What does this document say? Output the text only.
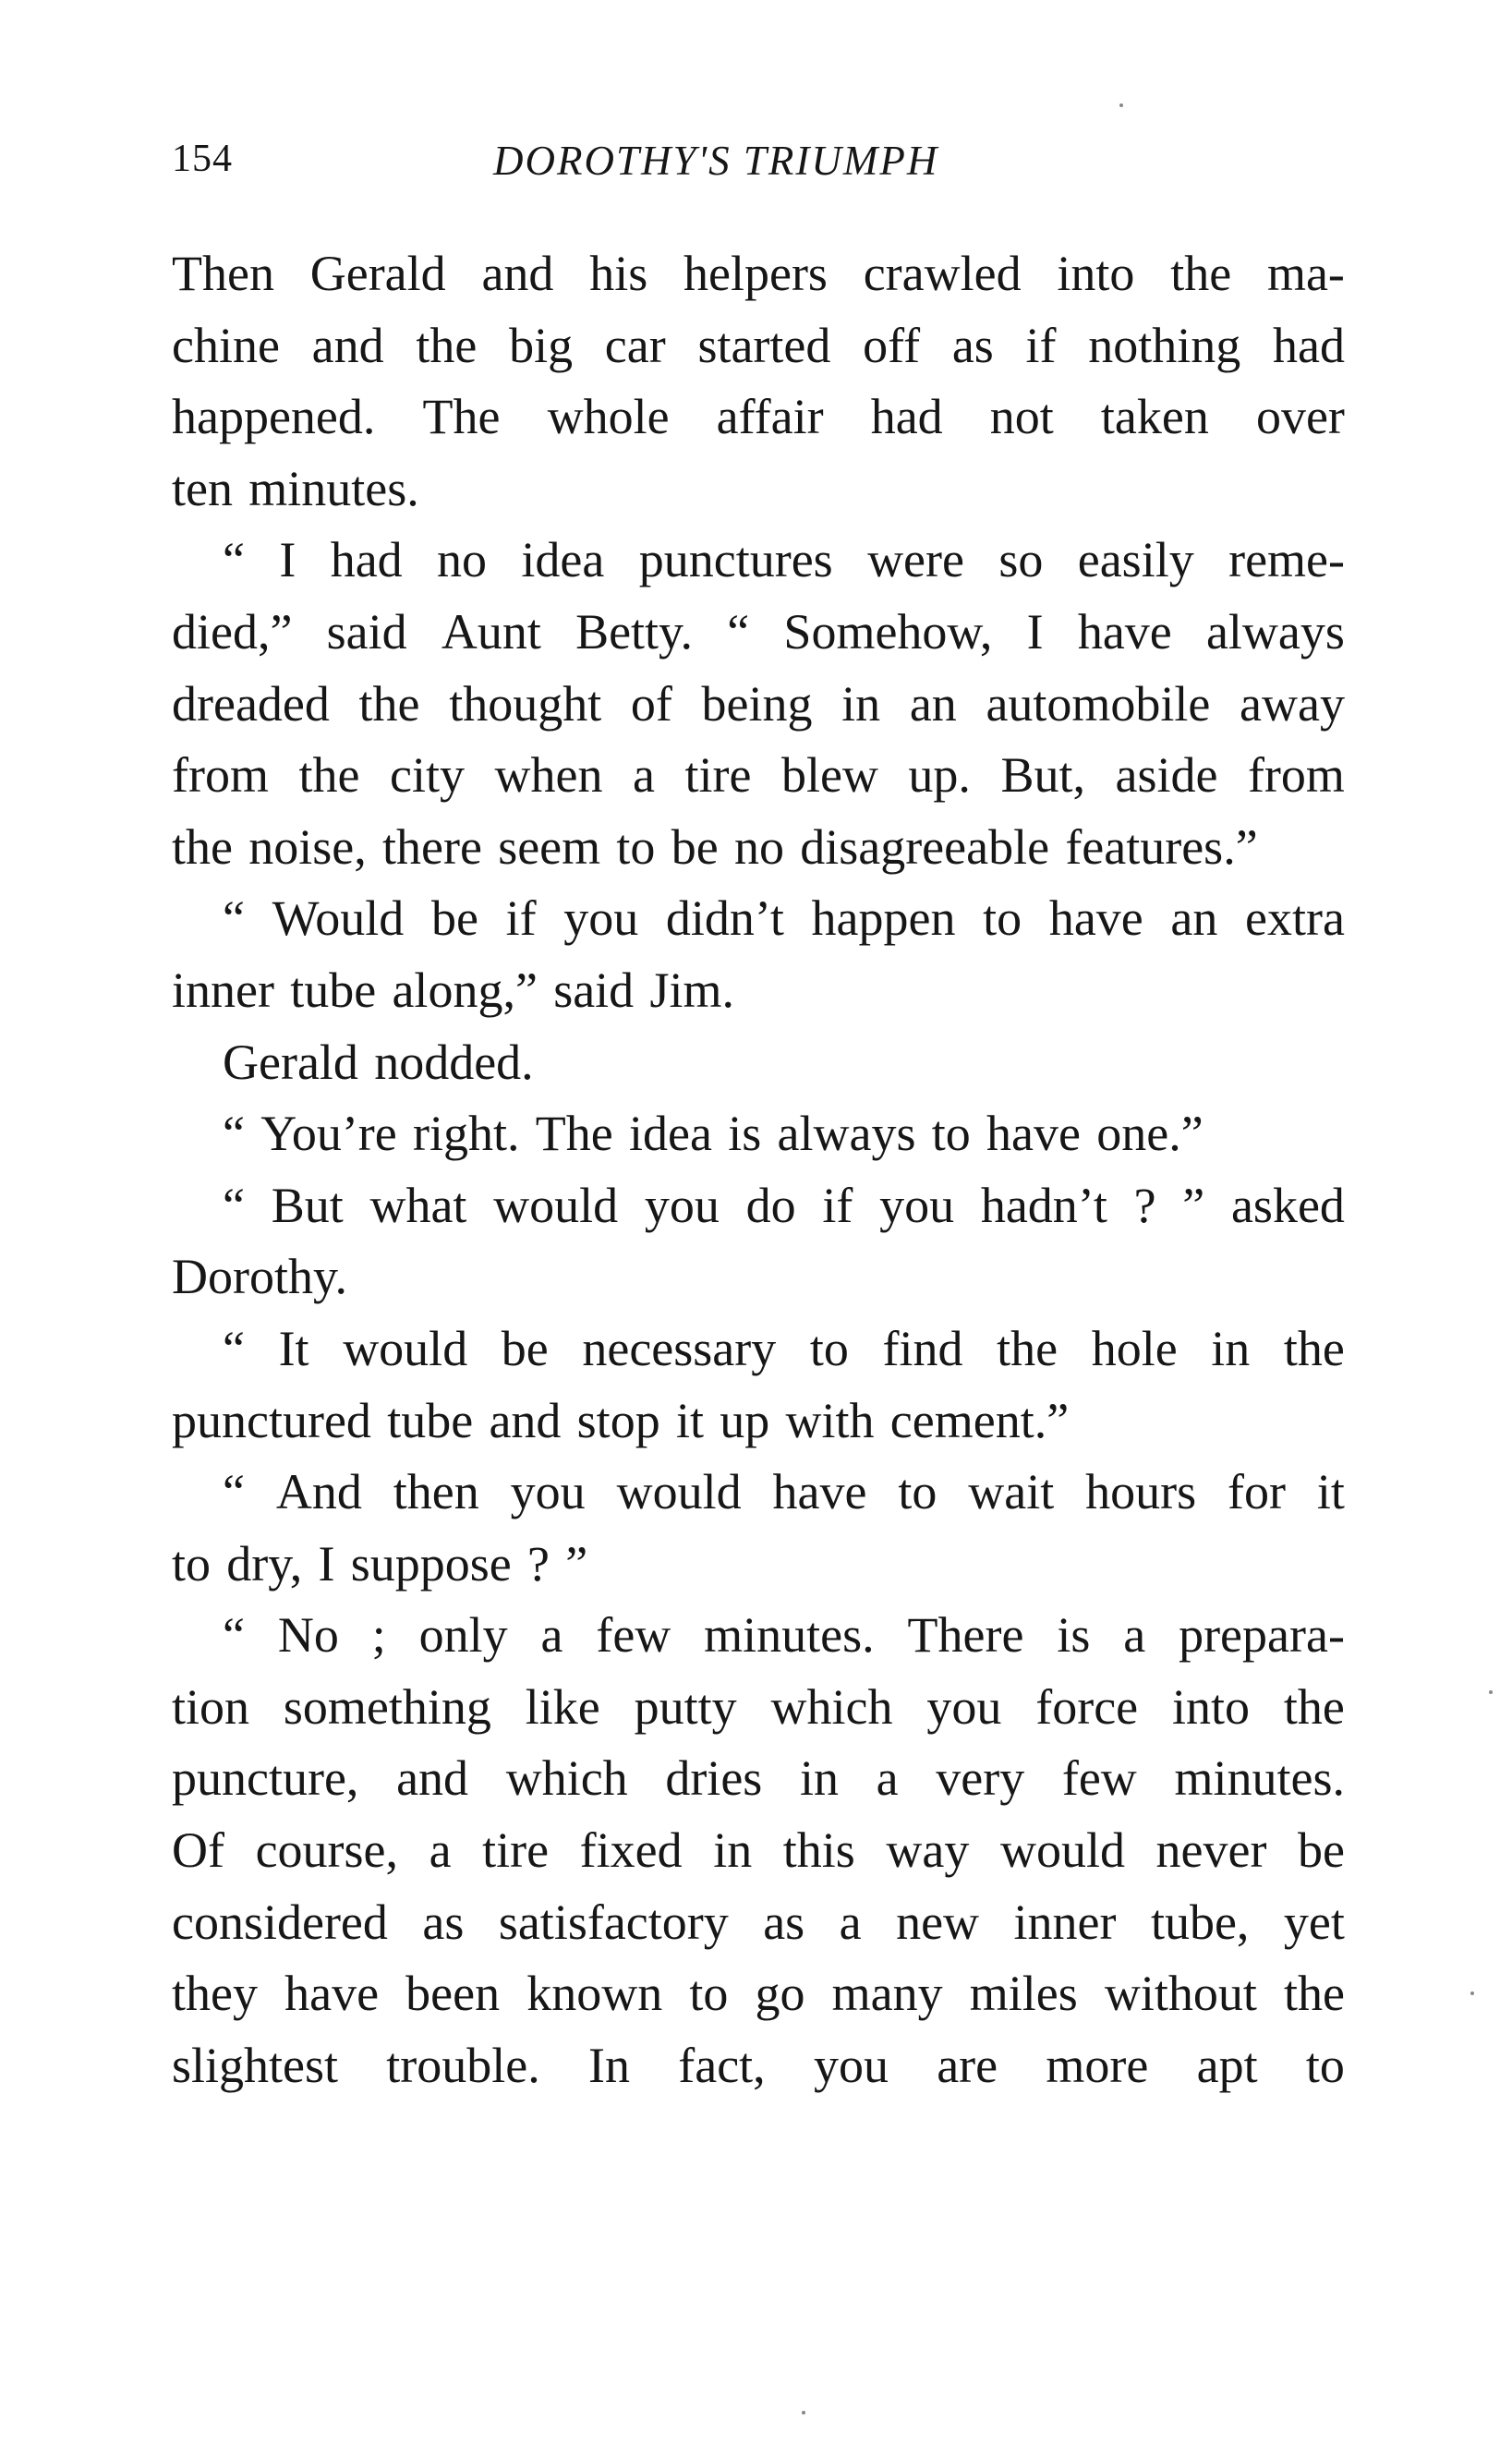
154	DOROTHY'S TRIUMPH
Then Gerald and his helpers crawled into the ma-
chine and the big car started off as if nothing had
happened. The whole affair had not taken over
ten minutes.
“ I had no idea punctures were so easily reme-
died,” said Aunt Betty. “ Somehow, I have always
dreaded the thought of being in an automobile away
from the city when a tire blew up. But, aside from
the noise, there seem to be no disagreeable features.”
“ Would be if you didn’t happen to have an extra
inner tube along,” said Jim.
Gerald nodded.
“ You’re right. The idea is always to have one.”
“ But what would you do if you hadn’t ? ” asked
Dorothy.
“ It would be necessary to find the hole in the
punctured tube and stop it up with cement.”
“ And then you would have to wait hours for it
to dry, I suppose ? ”
“ No ; only a few minutes. There is a prepara-
tion something like putty which you force into the
puncture, and which dries in a very few minutes.
Of course, a tire fixed in this way would never be
considered as satisfactory as a new inner tube, yet
they have been known to go many miles without the
slightest trouble. In fact, you are more apt to
